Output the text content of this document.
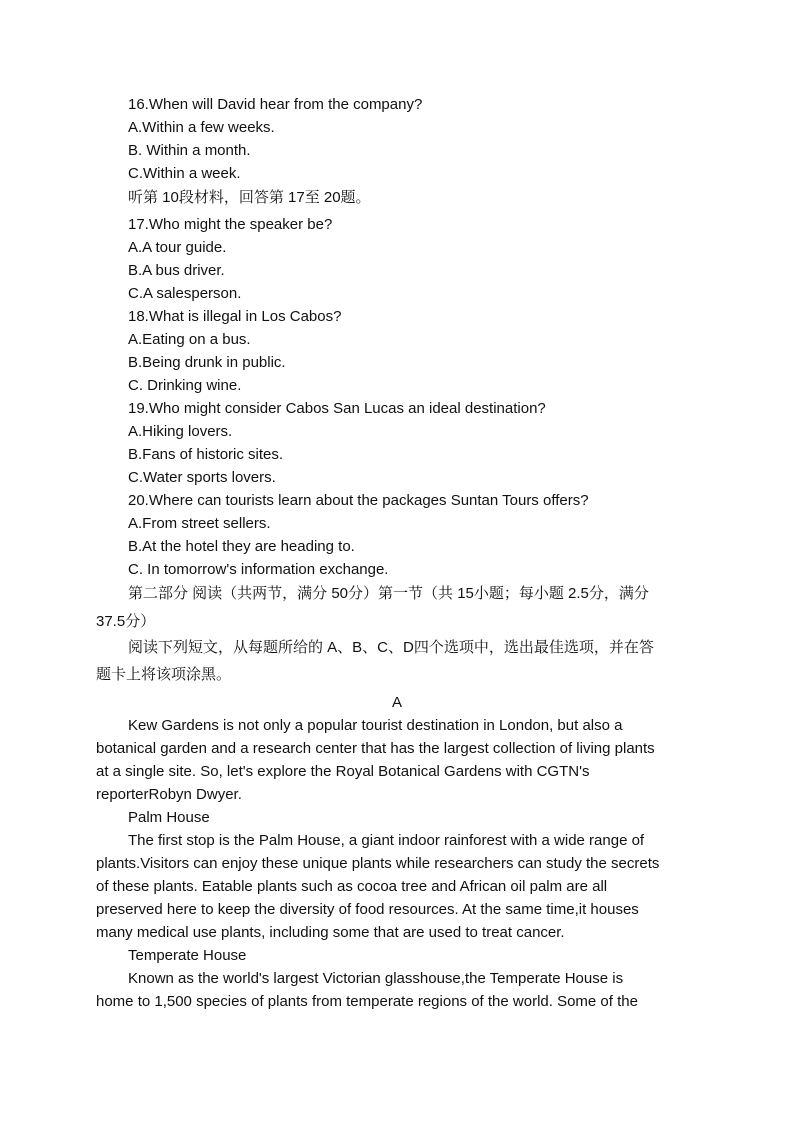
16.When will David hear from the company?
A.Within a few weeks.
B. Within a month.
C.Within a week.
听第 10段材料，回答第 17至 20题。
17.Who might the speaker be?
A.A tour guide.
B.A bus driver.
C.A salesperson.
18.What is illegal in Los Cabos?
A.Eating on a bus.
B.Being drunk in public.
C. Drinking wine.
19.Who might consider Cabos San Lucas an ideal destination?
A.Hiking lovers.
B.Fans of historic sites.
C.Water sports lovers.
20.Where can tourists learn about the packages Suntan Tours offers?
A.From street sellers.
B.At the hotel they are heading to.
C. In tomorrow's information exchange.
第二部分 阅读（共两节，满分 50分）第一节（共 15小题；每小题 2.5分，满分
37.5分）
阅读下列短文，从每题所给的 A、B、C、D四个选项中，选出最佳选项，并在答
题卡上将该项涂黑。
A
Kew Gardens is not only a popular tourist destination in London, but also a
botanical garden and a research center that has the largest collection of living plants
at a single site. So, let's explore the Royal Botanical Gardens with CGTN's
reporterRobyn Dwyer.
Palm House
The first stop is the Palm House, a giant indoor rainforest with a wide range of
plants.Visitors can enjoy these unique plants while researchers can study the secrets
of these plants. Eatable plants such as cocoa tree and African oil palm are all
preserved here to keep the diversity of food resources. At the same time,it houses
many medical use plants, including some that are used to treat cancer.
Temperate House
Known as the world's largest Victorian glasshouse,the Temperate House is
home to 1,500 species of plants from temperate regions of the world. Some of the
